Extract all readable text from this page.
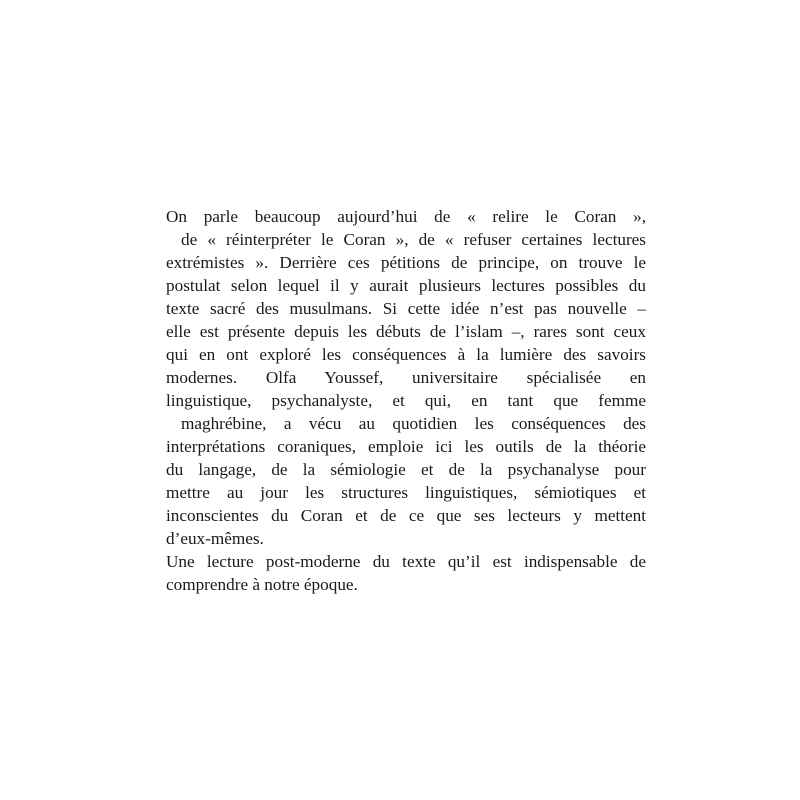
On parle beaucoup aujourd’hui de « relire le Coran »,
de « réinterpréter le Coran », de « refuser certaines lectures
extrémistes ». Derrière ces pétitions de principe, on trouve le
postulat selon lequel il y aurait plusieurs lectures possibles du
texte sacré des musulmans. Si cette idée n’est pas nouvelle –
elle est présente depuis les débuts de l’islam –, rares sont ceux
qui en ont exploré les conséquences à la lumière des savoirs
modernes. Olfa Youssef, universitaire spécialisée en
linguistique, psychanalyste, et qui, en tant que femme
maghrébine, a vécu au quotidien les conséquences des
interprétations coraniques, emploie ici les outils de la théorie
du langage, de la sémiologie et de la psychanalyse pour
mettre au jour les structures linguistiques, sémiotiques et
inconscientes du Coran et de ce que ses lecteurs y mettent
d’eux-mêmes.
Une lecture post-moderne du texte qu’il est indispensable de
comprendre à notre époque.
